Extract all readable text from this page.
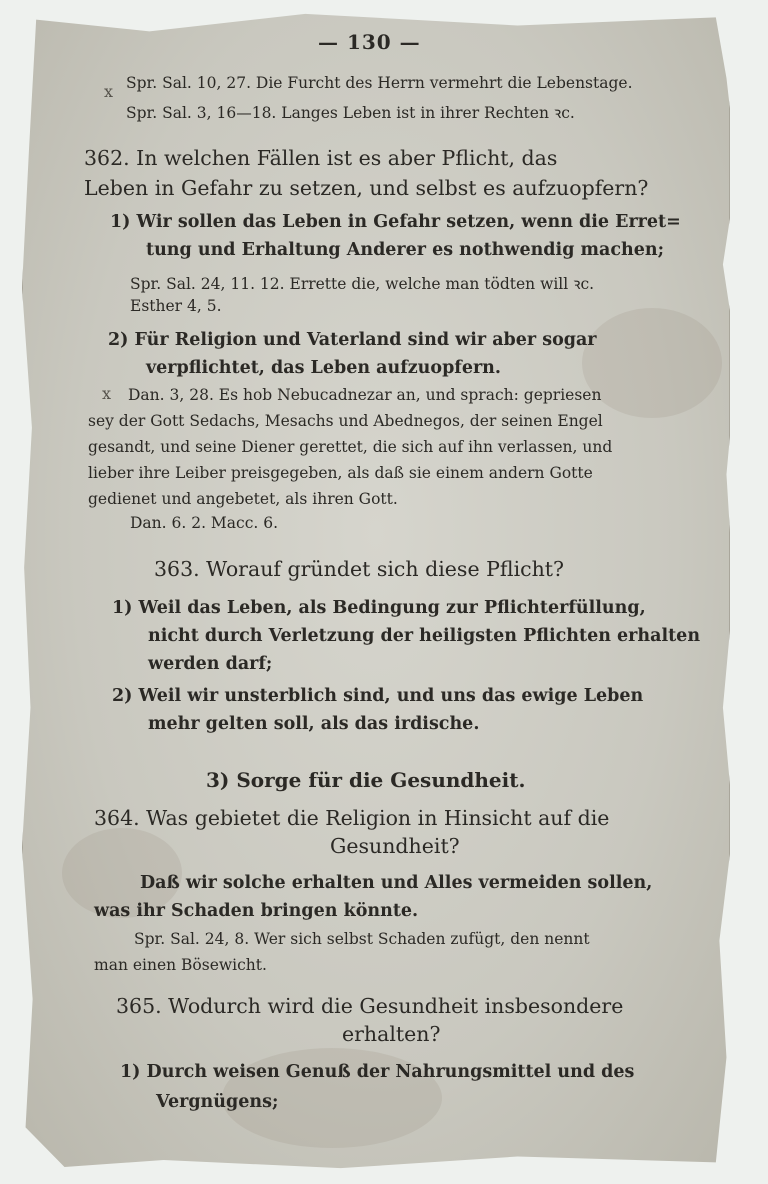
x
x
— 130 —
Spr. Sal. 10, 27. Die Furcht des Herrn vermehrt die Lebenstage.
Spr. Sal. 3, 16—18. Langes Leben ist in ihrer Rechten ꝛc.
362. In welchen Fällen ist es aber Pflicht, das
Leben in Gefahr zu setzen, und selbst es aufzuopfern?
1) Wir sollen das Leben in Gefahr setzen, wenn die Erret=
tung und Erhaltung Anderer es nothwendig machen;
Spr. Sal. 24, 11. 12. Errette die, welche man tödten will ꝛc.
Esther 4, 5.
2) Für Religion und Vaterland sind wir aber sogar
verpflichtet, das Leben aufzuopfern.
Dan. 3, 28. Es hob Nebucadnezar an, und sprach: gepriesen
sey der Gott Sedachs, Mesachs und Abednegos, der seinen Engel
gesandt, und seine Diener gerettet, die sich auf ihn verlassen, und
lieber ihre Leiber preisgegeben, als daß sie einem andern Gotte
gedienet und angebetet, als ihren Gott.
Dan. 6. 2. Macc. 6.
363. Worauf gründet sich diese Pflicht?
1) Weil das Leben, als Bedingung zur Pflichterfüllung,
nicht durch Verletzung der heiligsten Pflichten erhalten
werden darf;
2) Weil wir unsterblich sind, und uns das ewige Leben
mehr gelten soll, als das irdische.
3) Sorge für die Gesundheit.
364. Was gebietet die Religion in Hinsicht auf die
Gesundheit?
Daß wir solche erhalten und Alles vermeiden sollen,
was ihr Schaden bringen könnte.
Spr. Sal. 24, 8. Wer sich selbst Schaden zufügt, den nennt
man einen Bösewicht.
365. Wodurch wird die Gesundheit insbesondere
erhalten?
1) Durch weisen Genuß der Nahrungsmittel und des
Vergnügens;
